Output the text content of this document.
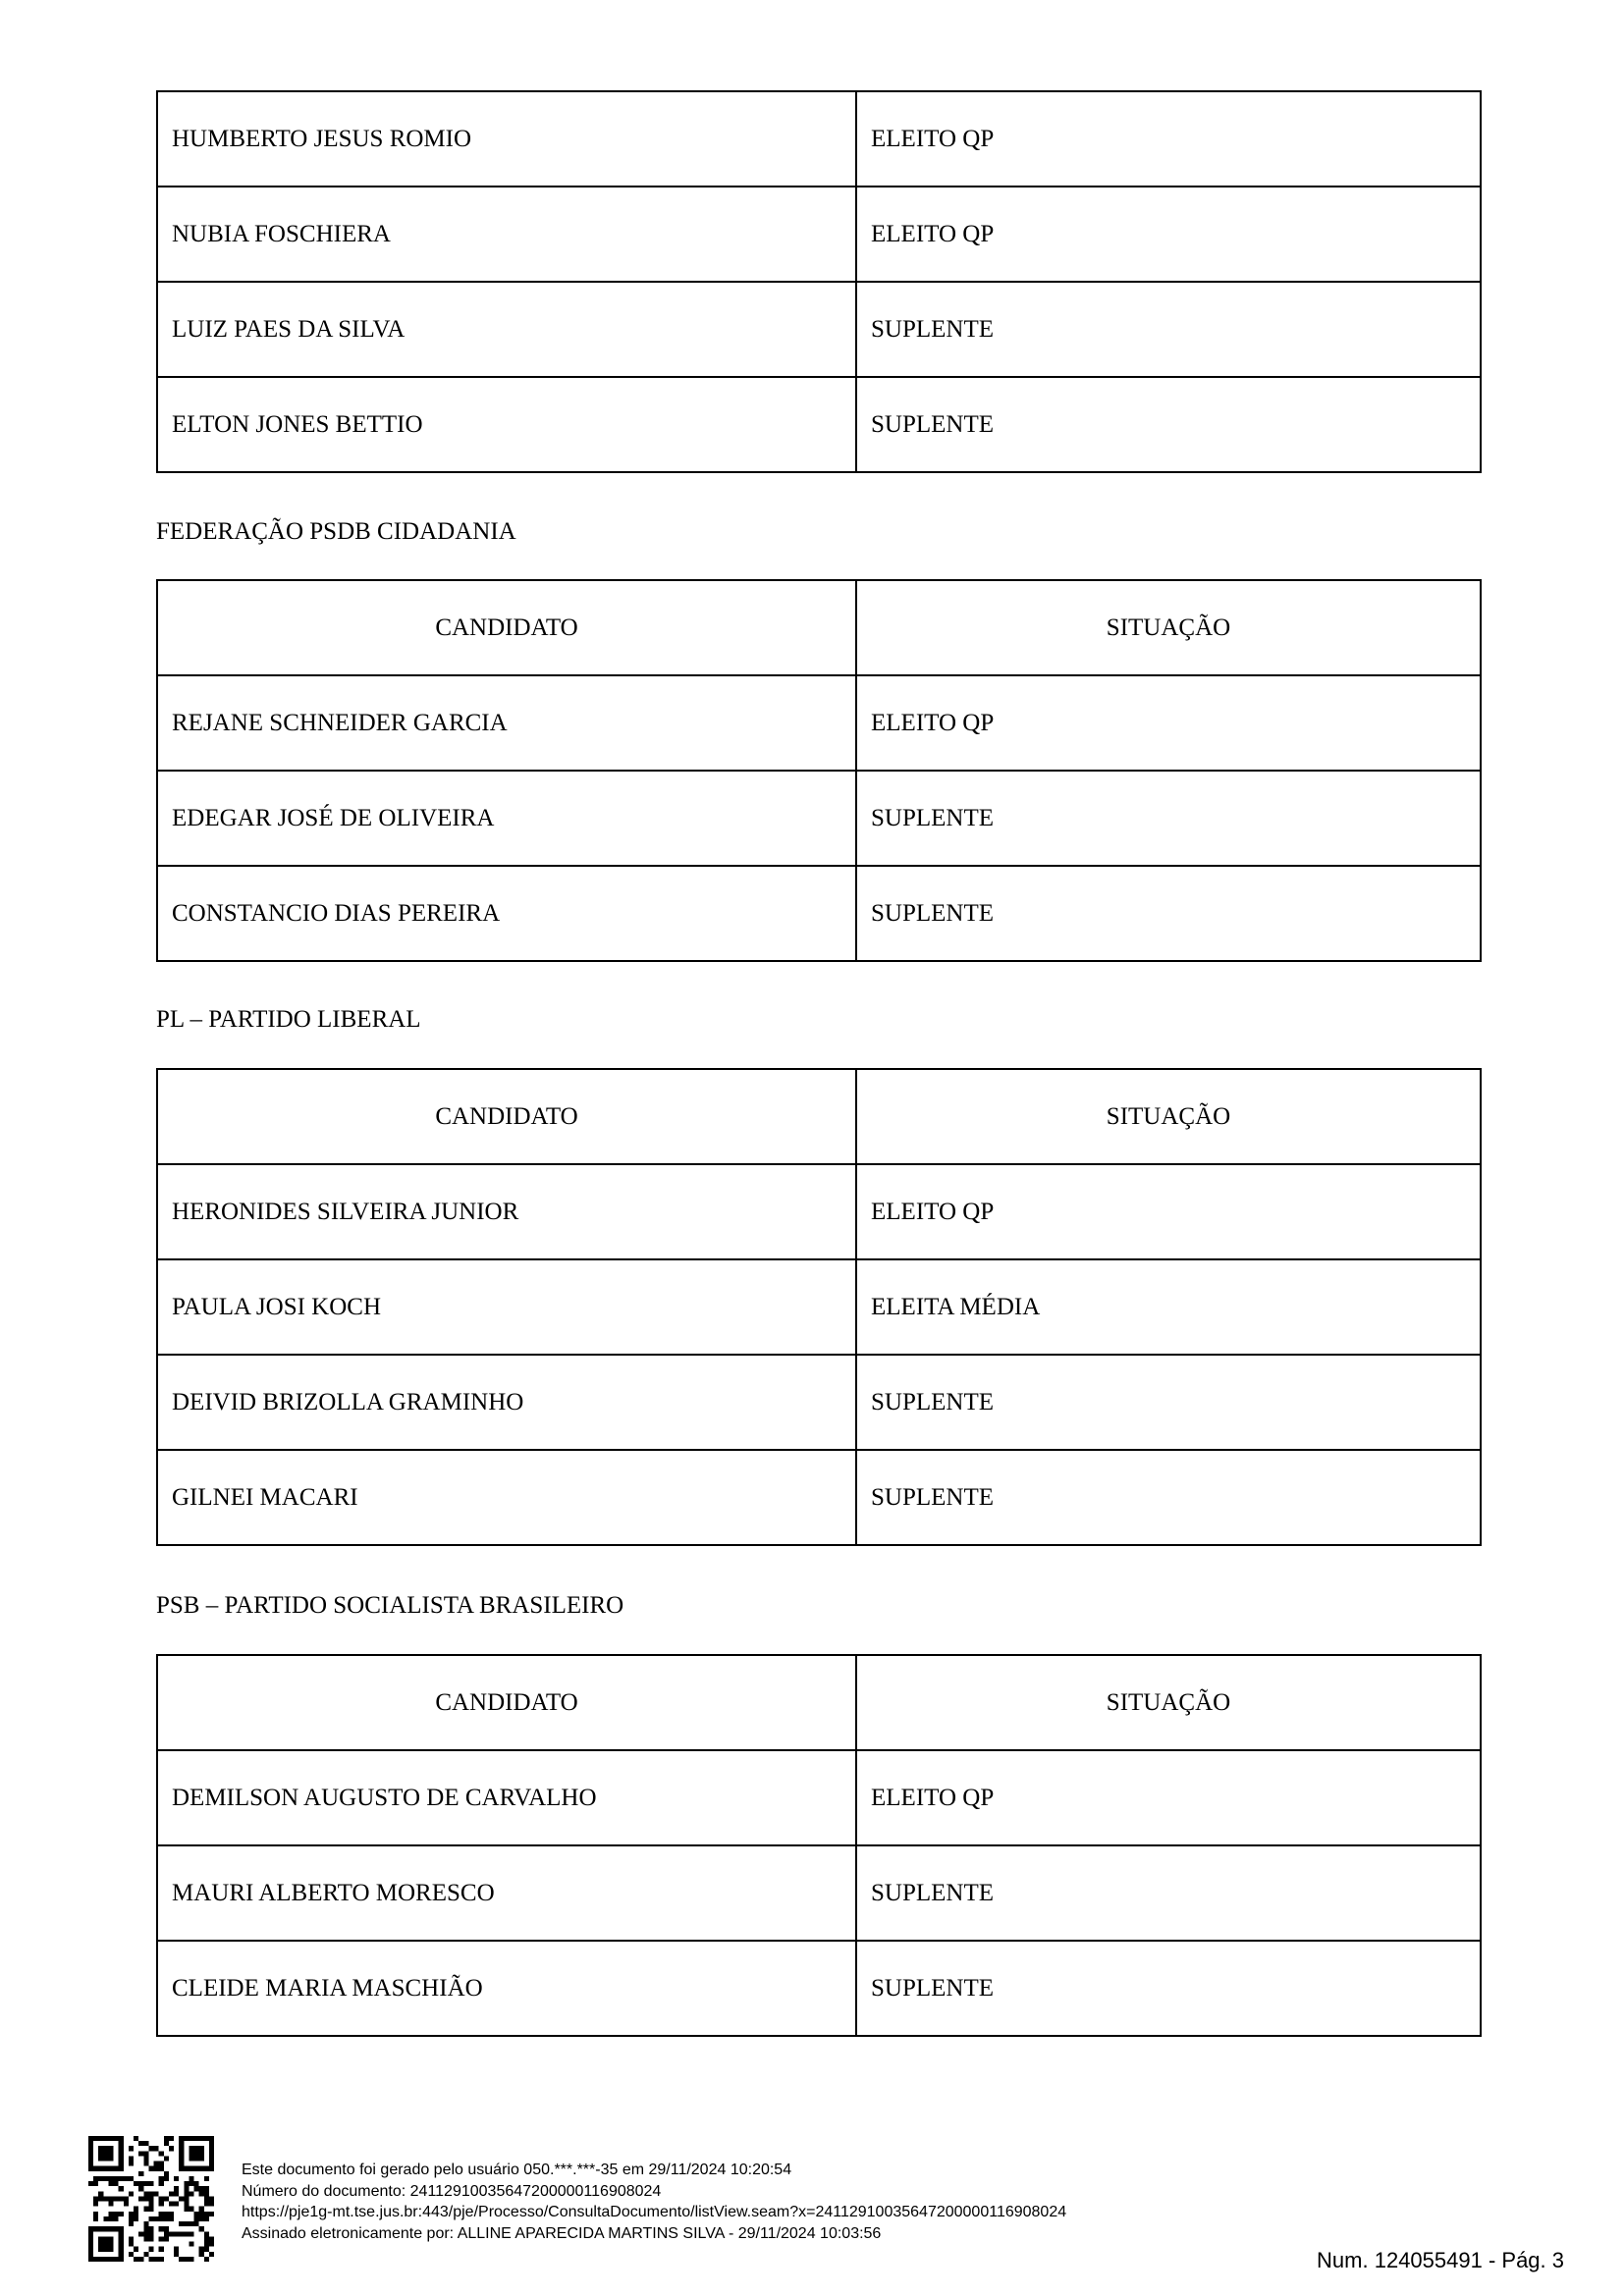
HUMBERTO JESUS ROMIO	ELEITO QP
NUBIA FOSCHIERA	ELEITO QP
LUIZ PAES DA SILVA	SUPLENTE
ELTON JONES BETTIO	SUPLENTE
FEDERAÇÃO PSDB CIDADANIA
CANDIDATO	SITUAÇÃO
REJANE SCHNEIDER GARCIA	ELEITO QP
EDEGAR JOSÉ DE OLIVEIRA	SUPLENTE
CONSTANCIO DIAS PEREIRA	SUPLENTE
PL – PARTIDO LIBERAL
CANDIDATO	SITUAÇÃO
HERONIDES SILVEIRA JUNIOR	ELEITO QP
PAULA JOSI KOCH	ELEITA MÉDIA
DEIVID BRIZOLLA GRAMINHO	SUPLENTE
GILNEI MACARI	SUPLENTE
PSB – PARTIDO SOCIALISTA BRASILEIRO
CANDIDATO	SITUAÇÃO
DEMILSON AUGUSTO DE CARVALHO	ELEITO QP
MAURI ALBERTO MORESCO	SUPLENTE
CLEIDE MARIA MASCHIÃO	SUPLENTE
Este documento foi gerado pelo usuário 050.***.***-35 em 29/11/2024 10:20:54
Número do documento: 24112910035647200000116908024
https://pje1g-mt.tse.jus.br:443/pje/Processo/ConsultaDocumento/listView.seam?x=24112910035647200000116908024
Assinado eletronicamente por: ALLINE APARECIDA MARTINS SILVA - 29/11/2024 10:03:56
Num. 124055491 - Pág. 3
